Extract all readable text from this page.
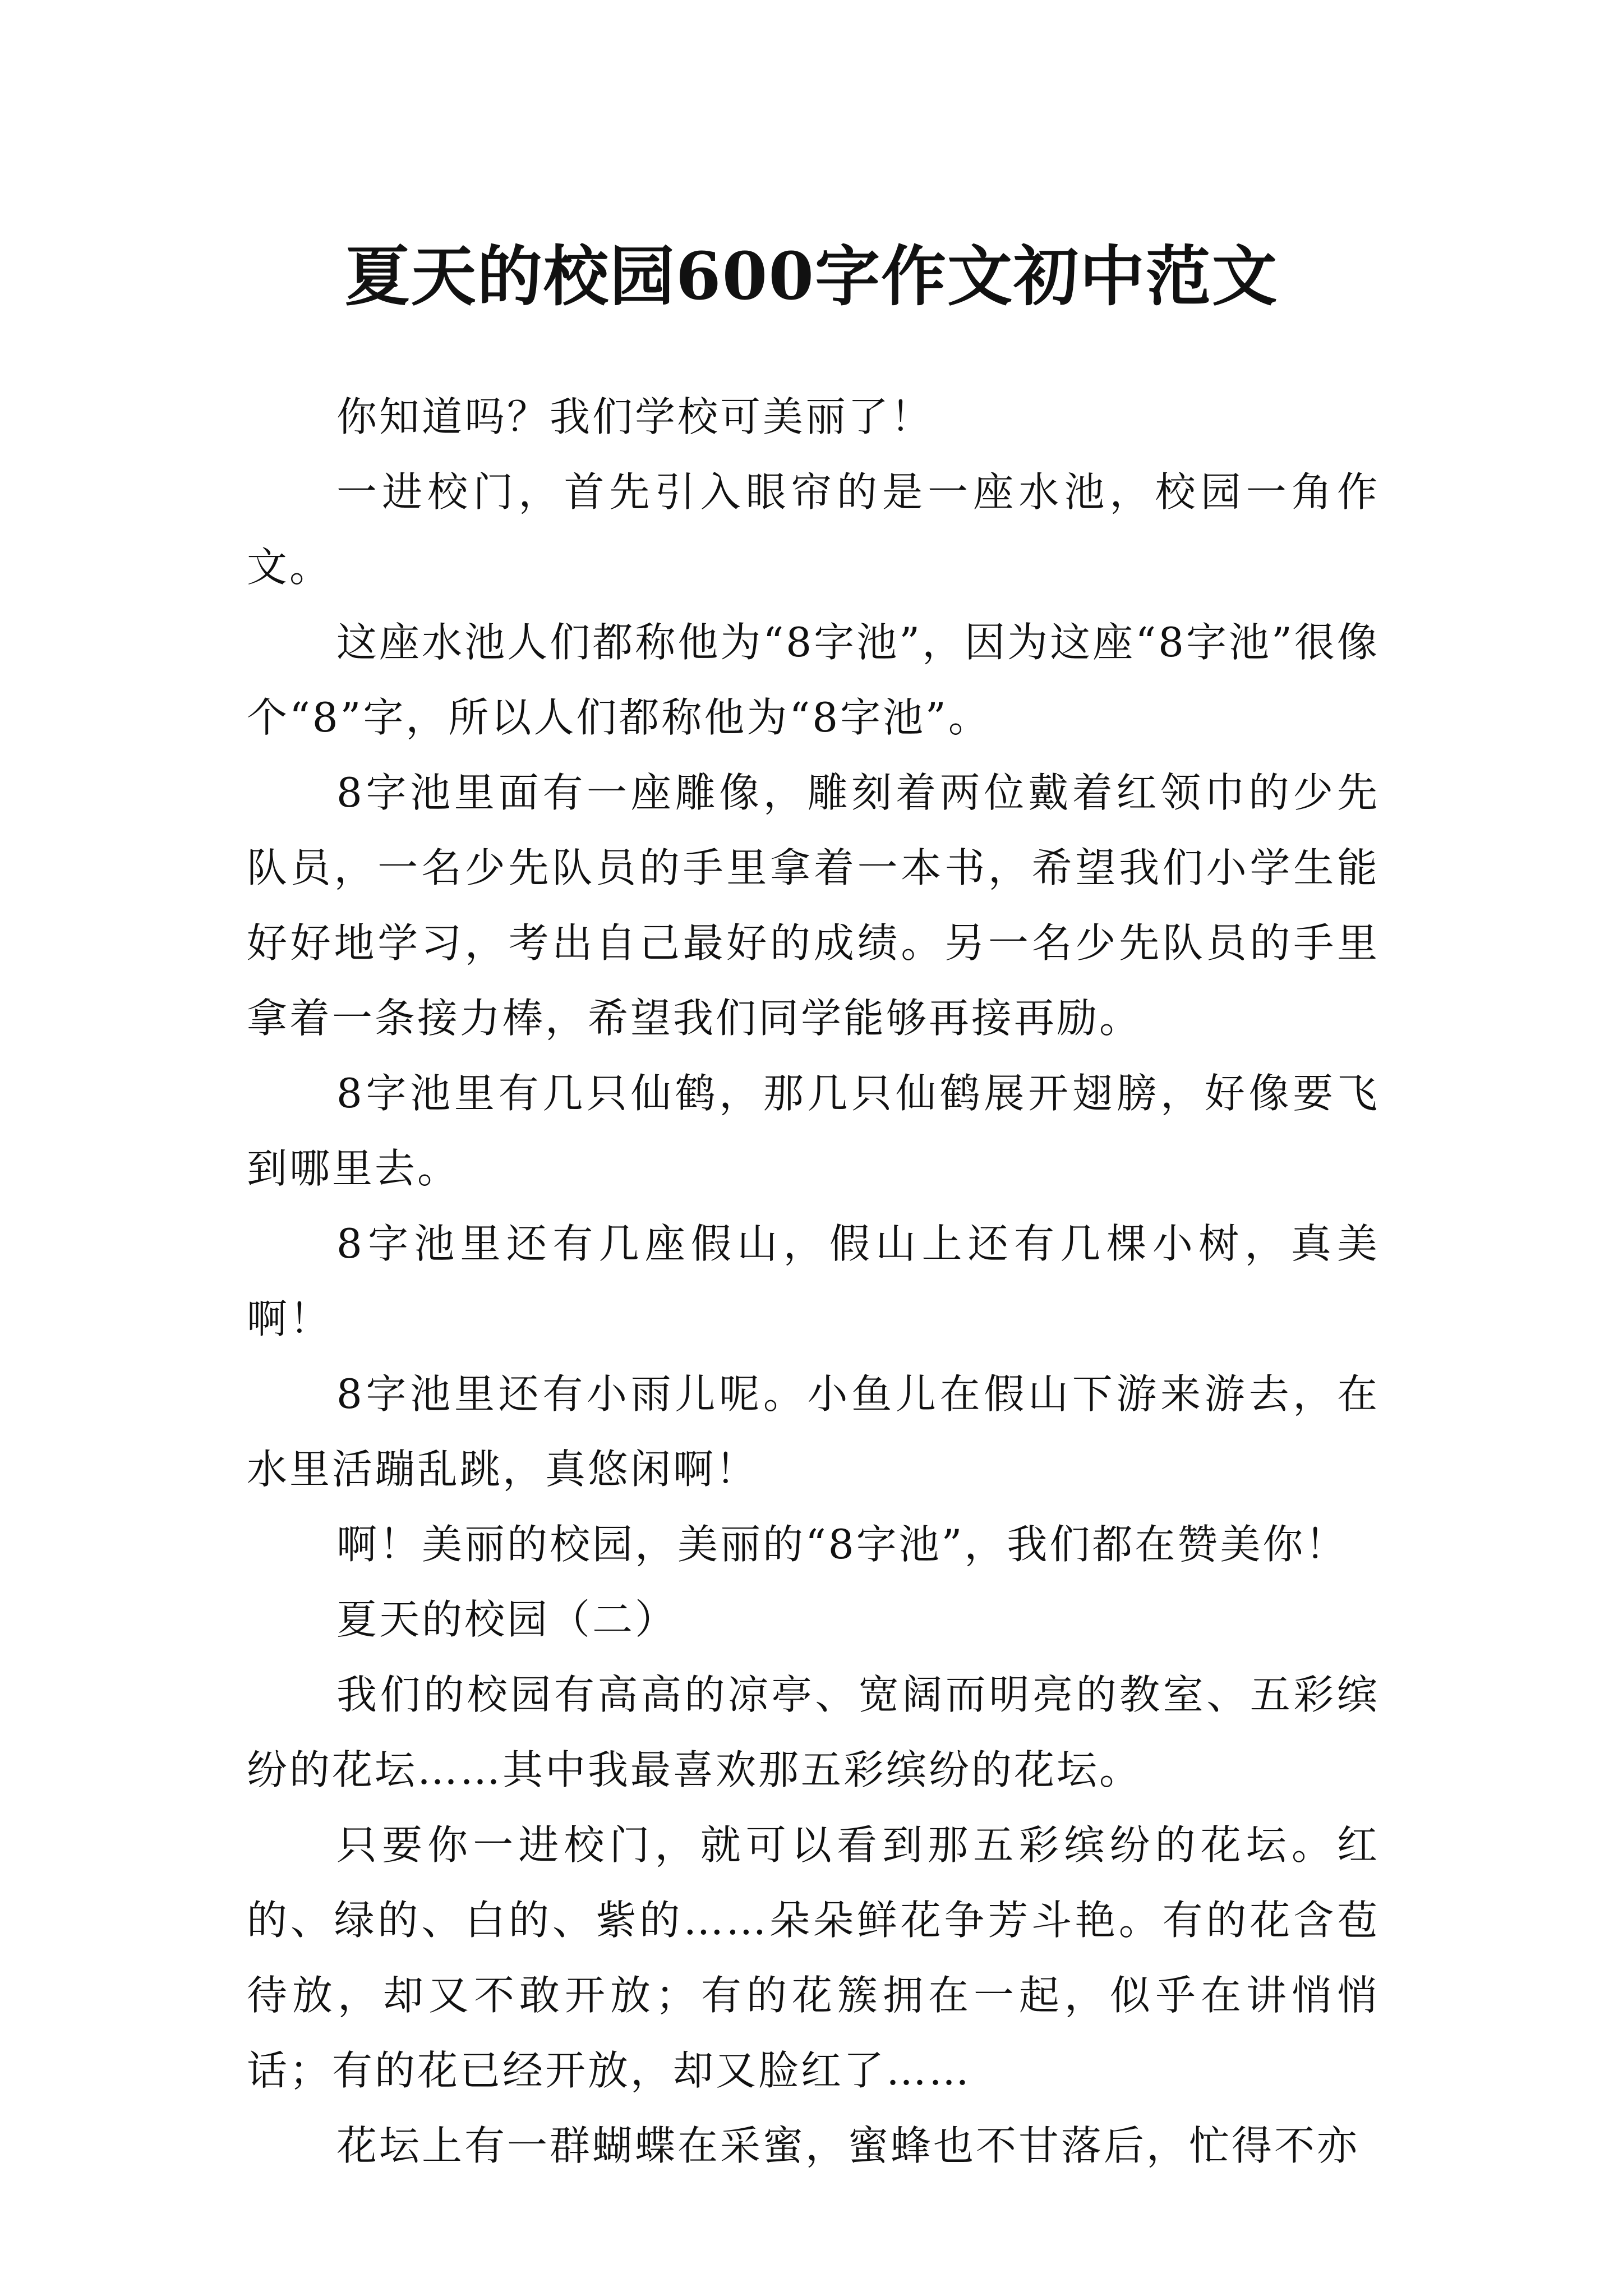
夏天的校园600字作文初中范文

你知道吗？我们学校可美丽了！

一进校门，首先引入眼帘的是一座水池，校园一角作文。

这座水池人们都称他为“8字池”，因为这座“8字池”很像个“8”字，所以人们都称他为“8字池”。

8字池里面有一座雕像，雕刻着两位戴着红领巾的少先队员，一名少先队员的手里拿着一本书，希望我们小学生能好好地学习，考出自己最好的成绩。另一名少先队员的手里拿着一条接力棒，希望我们同学能够再接再励。

8字池里有几只仙鹤，那几只仙鹤展开翅膀，好像要飞到哪里去。

8字池里还有几座假山，假山上还有几棵小树，真美啊！

8字池里还有小雨儿呢。小鱼儿在假山下游来游去，在水里活蹦乱跳，真悠闲啊！

啊！美丽的校园，美丽的“8字池”，我们都在赞美你！

夏天的校园（二）

我们的校园有高高的凉亭、宽阔而明亮的教室、五彩缤纷的花坛……其中我最喜欢那五彩缤纷的花坛。

只要你一进校门，就可以看到那五彩缤纷的花坛。红的、绿的、白的、紫的……朵朵鲜花争芳斗艳。有的花含苞待放，却又不敢开放；有的花簇拥在一起，似乎在讲悄悄话；有的花已经开放，却又脸红了……

花坛上有一群蝴蝶在采蜜，蜜蜂也不甘落后，忙得不亦
